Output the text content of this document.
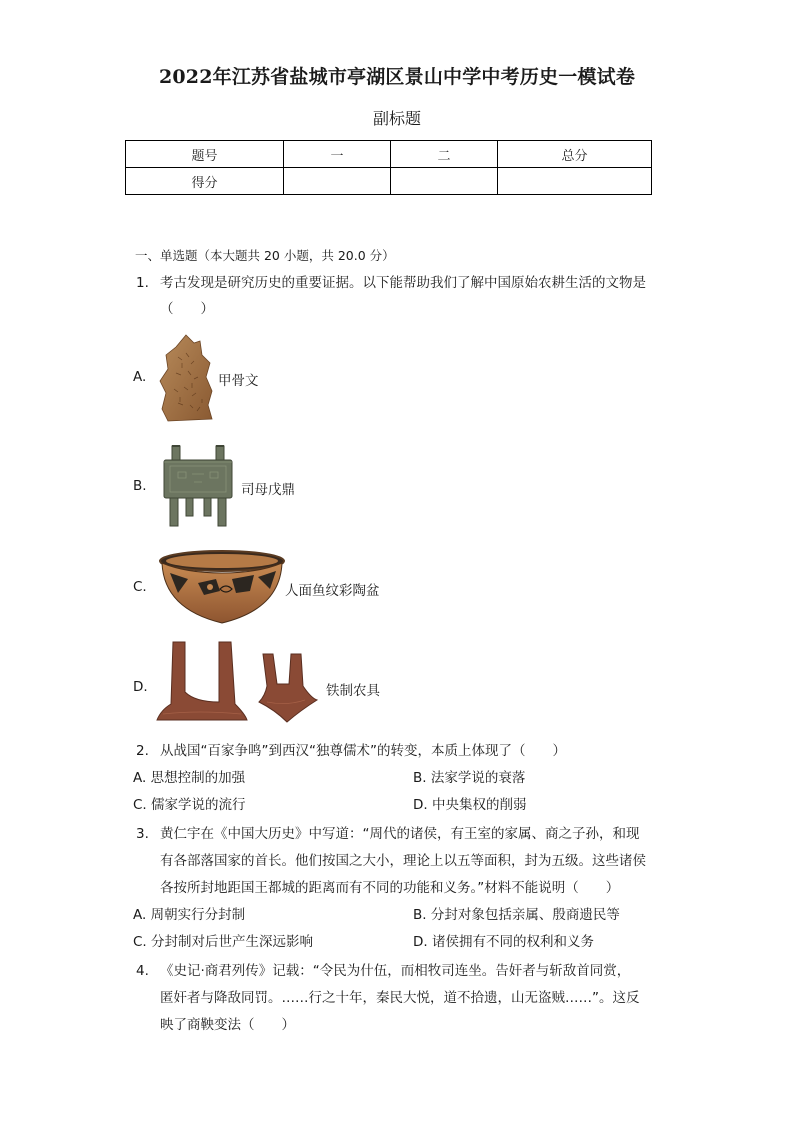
2022年江苏省盐城市亭湖区景山中学中考历史一模试卷
副标题
题号	一	二	总分
得分			
一、单选题（本大题共 20 小题，共 20.0 分）
1. 考古发现是研究历史的重要证据。以下能帮助我们了解中国原始农耕生活的文物是
（　　）
A.	甲骨文
B.	司母戊鼎
C.	人面鱼纹彩陶盆
D.	铁制农具
2. 从战国“百家争鸣”到西汉“独尊儒术”的转变，本质上体现了（　　）
A. 思想控制的加强	B. 法家学说的衰落
C. 儒家学说的流行	D. 中央集权的削弱
3. 黄仁宇在《中国大历史》中写道：“周代的诸侯，有王室的家属、商之子孙，和现
有各部落国家的首长。他们按国之大小，理论上以五等面积，封为五级。这些诸侯
各按所封地距国王都城的距离而有不同的功能和义务。”材料不能说明（　　）
A. 周朝实行分封制	B. 分封对象包括亲属、殷商遗民等
C. 分封制对后世产生深远影响	D. 诸侯拥有不同的权利和义务
4. 《史记·商君列传》记载：“令民为什伍，而相牧司连坐。告奸者与斩敌首同赏，
匿奸者与降敌同罚。……行之十年，秦民大悦，道不拾遗，山无盗贼……”。这反
映了商鞅变法（　　）
